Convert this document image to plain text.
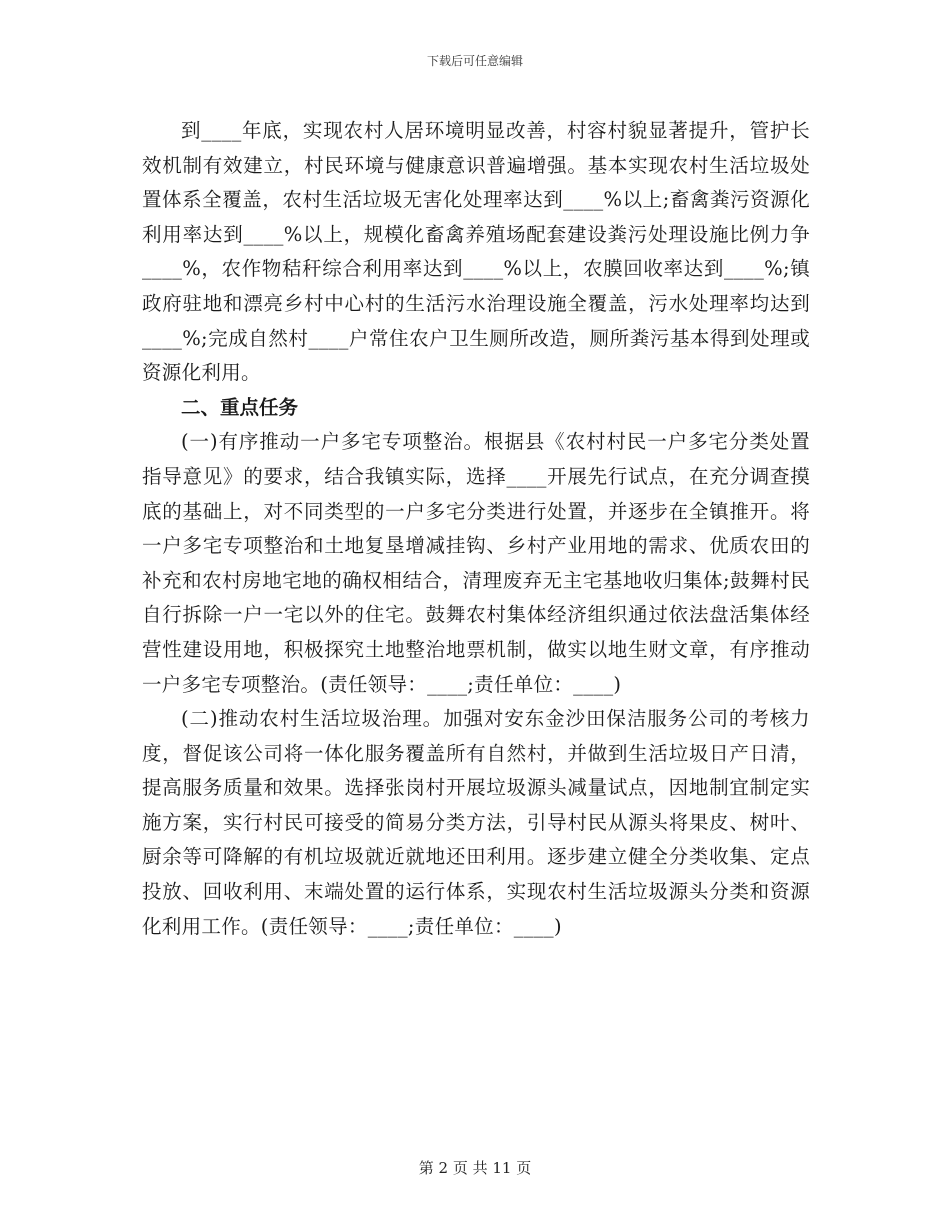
下载后可任意编辑

到____年底，实现农村人居环境明显改善，村容村貌显著提升，管护长效机制有效建立，村民环境与健康意识普遍增强。基本实现农村生活垃圾处置体系全覆盖，农村生活垃圾无害化处理率达到____%以上;畜禽粪污资源化利用率达到____%以上，规模化畜禽养殖场配套建设粪污处理设施比例力争____%，农作物秸秆综合利用率达到____%以上，农膜回收率达到____%;镇政府驻地和漂亮乡村中心村的生活污水治理设施全覆盖，污水处理率均达到____%;完成自然村____户常住农户卫生厕所改造，厕所粪污基本得到处理或资源化利用。

二、重点任务

(一)有序推动一户多宅专项整治。根据县《农村村民一户多宅分类处置指导意见》的要求，结合我镇实际，选择____开展先行试点，在充分调查摸底的基础上，对不同类型的一户多宅分类进行处置，并逐步在全镇推开。将一户多宅专项整治和土地复垦增减挂钩、乡村产业用地的需求、优质农田的补充和农村房地宅地的确权相结合，清理废弃无主宅基地收归集体;鼓舞村民自行拆除一户一宅以外的住宅。鼓舞农村集体经济组织通过依法盘活集体经营性建设用地，积极探究土地整治地票机制，做实以地生财文章，有序推动一户多宅专项整治。(责任领导：____;责任单位：____)

(二)推动农村生活垃圾治理。加强对安东金沙田保洁服务公司的考核力度，督促该公司将一体化服务覆盖所有自然村，并做到生活垃圾日产日清，提高服务质量和效果。选择张岗村开展垃圾源头减量试点，因地制宜制定实施方案，实行村民可接受的简易分类方法，引导村民从源头将果皮、树叶、厨余等可降解的有机垃圾就近就地还田利用。逐步建立健全分类收集、定点投放、回收利用、末端处置的运行体系，实现农村生活垃圾源头分类和资源化利用工作。(责任领导：____;责任单位：____)

第 2 页 共 11 页
